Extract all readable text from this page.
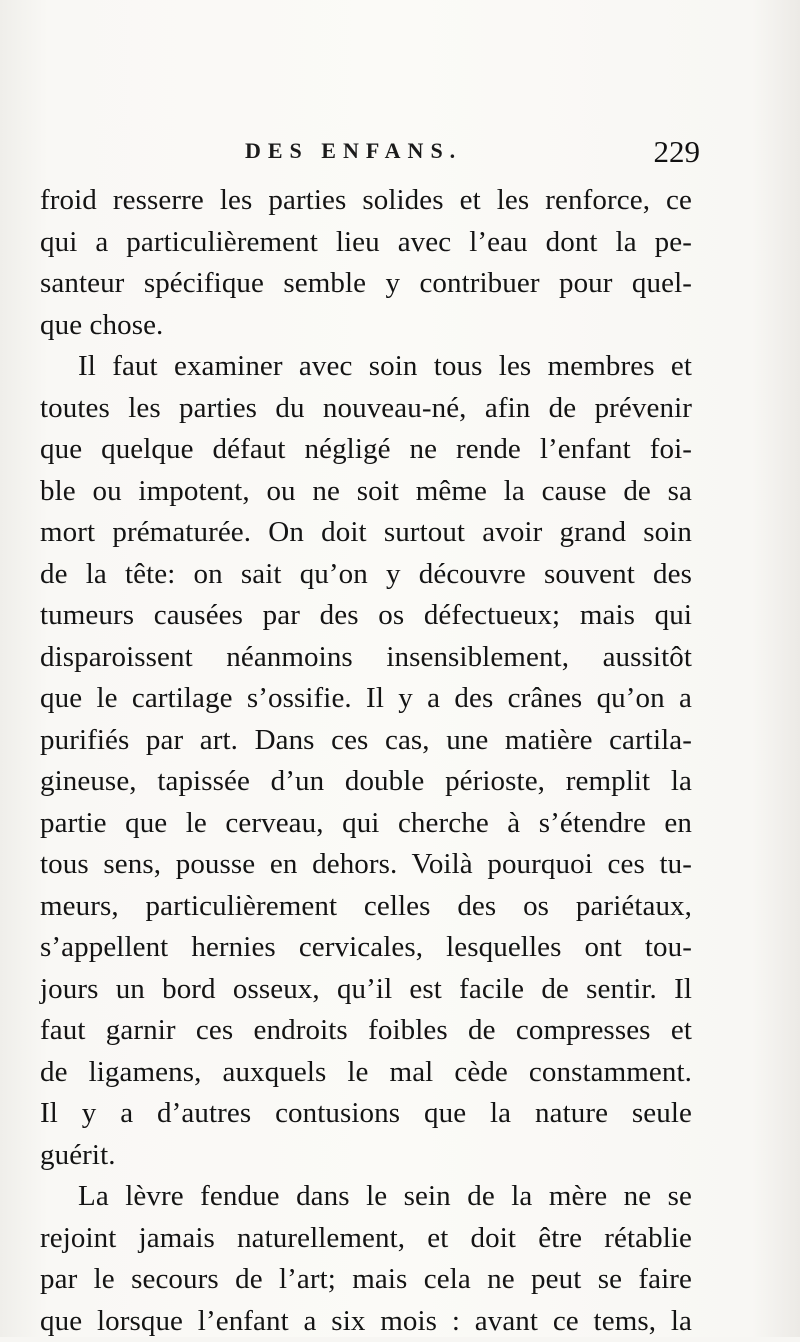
DES ENFANS.	229
froid resserre les parties solides et les renforce, ce
qui a particulièrement lieu avec l’eau dont la pe-
santeur spécifique semble y contribuer pour quel-
que chose.
Il faut examiner avec soin tous les membres et
toutes les parties du nouveau-né, afin de prévenir
que quelque défaut négligé ne rende l’enfant foi-
ble ou impotent, ou ne soit même la cause de sa
mort prématurée. On doit surtout avoir grand soin
de la tête: on sait qu’on y découvre souvent des
tumeurs causées par des os défectueux; mais qui
disparoissent néanmoins insensiblement, aussitôt
que le cartilage s’ossifie. Il y a des crânes qu’on a
purifiés par art. Dans ces cas, une matière cartila-
gineuse, tapissée d’un double périoste, remplit la
partie que le cerveau, qui cherche à s’étendre en
tous sens, pousse en dehors. Voilà pourquoi ces tu-
meurs, particulièrement celles des os pariétaux,
s’appellent hernies cervicales, lesquelles ont tou-
jours un bord osseux, qu’il est facile de sentir. Il
faut garnir ces endroits foibles de compresses et
de ligamens, auxquels le mal cède constamment.
Il y a d’autres contusions que la nature seule
guérit.
La lèvre fendue dans le sein de la mère ne se
rejoint jamais naturellement, et doit être rétablie
par le secours de l’art; mais cela ne peut se faire
que lorsque l’enfant a six mois : avant ce tems, la
